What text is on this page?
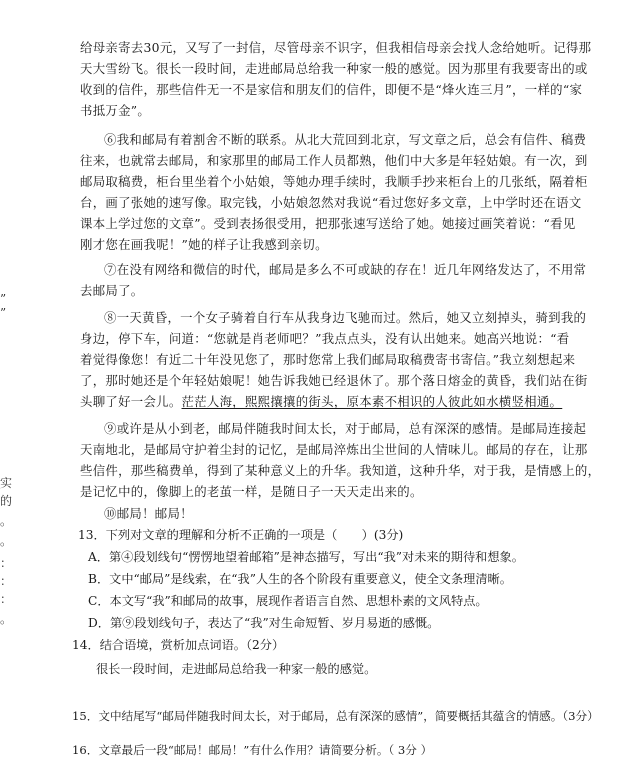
”
”
实
的
。
。
：
：
：
。
给母亲寄去30元，又写了一封信，尽管母亲不识字，但我相信母亲会找人念给她听。记得那
天大雪纷飞。很长一段时间，走进邮局总给我一种家一般的感觉。因为那里有我要寄出的或
收到的信件，那些信件无一不是家信和朋友们的信件，即便不是“烽火连三月”，一样的“家
书抵万金”。
⑥我和邮局有着割舍不断的联系。从北大荒回到北京，写文章之后，总会有信件、稿费
往来，也就常去邮局，和家那里的邮局工作人员都熟，他们中大多是年轻姑娘。有一次，到
邮局取稿费，柜台里坐着个小姑娘，等她办理手续时，我顺手抄来柜台上的几张纸，隔着柜
台，画了张她的速写像。取完钱，小姑娘忽然对我说“看过您好多文章，上中学时还在语文
课本上学过您的文章”。受到表扬很受用，把那张速写送给了她。她接过画笑着说：“看见
刚才您在画我呢！”她的样子让我感到亲切。
⑦在没有网络和微信的时代，邮局是多么不可或缺的存在！近几年网络发达了，不用常
去邮局了。
⑧一天黄昏，一个女子骑着自行车从我身边飞驰而过。然后，她又立刻掉头，骑到我的
身边，停下车，问道：“您就是肖老师吧？”我点点头，没有认出她来。她高兴地说：“看
着觉得像您！有近二十年没见您了，那时您常上我们邮局取稿费寄书寄信。”我立刻想起来
了，那时她还是个年轻姑娘呢！她告诉我她已经退休了。那个落日熔金的黄昏，我们站在街
头聊了好一会儿。茫茫人海，熙熙攘攘的街头，原本素不相识的人彼此如水横竖相通。
⑨或许是从小到老，邮局伴随我时间太长，对于邮局，总有深深的感情。是邮局连接起
天南地北，是邮局守护着尘封的记忆，是邮局淬炼出尘世间的人情味儿。邮局的存在，让那
些信件，那些稿费单，得到了某种意义上的升华。我知道，这种升华，对于我，是情感上的，
是记忆中的，像脚上的老茧一样，是随日子一天天走出来的。
⑩邮局！邮局！
13．下列对文章的理解和分析不正确的一项是（　　）(3分)
A．第④段划线句“愣愣地望着邮箱”是神态描写，写出“我”对未来的期待和想象。
B．文中“邮局”是线索，在“我”人生的各个阶段有重要意义，使全文条理清晰。
C．本文写“我”和邮局的故事，展现作者语言自然、思想朴素的文风特点。
D．第⑨段划线句子，表达了“我”对生命短暂、岁月易逝的感慨。
14．结合语境，赏析加点词语。（2分）
很长一段时间，走进邮局总给我一种家一般的感觉。
15．文中结尾写“邮局伴随我时间太长，对于邮局，总有深深的感情”，简要概括其蕴含的情感。（3分）
16．文章最后一段“邮局！邮局！”有什么作用？请简要分析。（ 3分 ）
